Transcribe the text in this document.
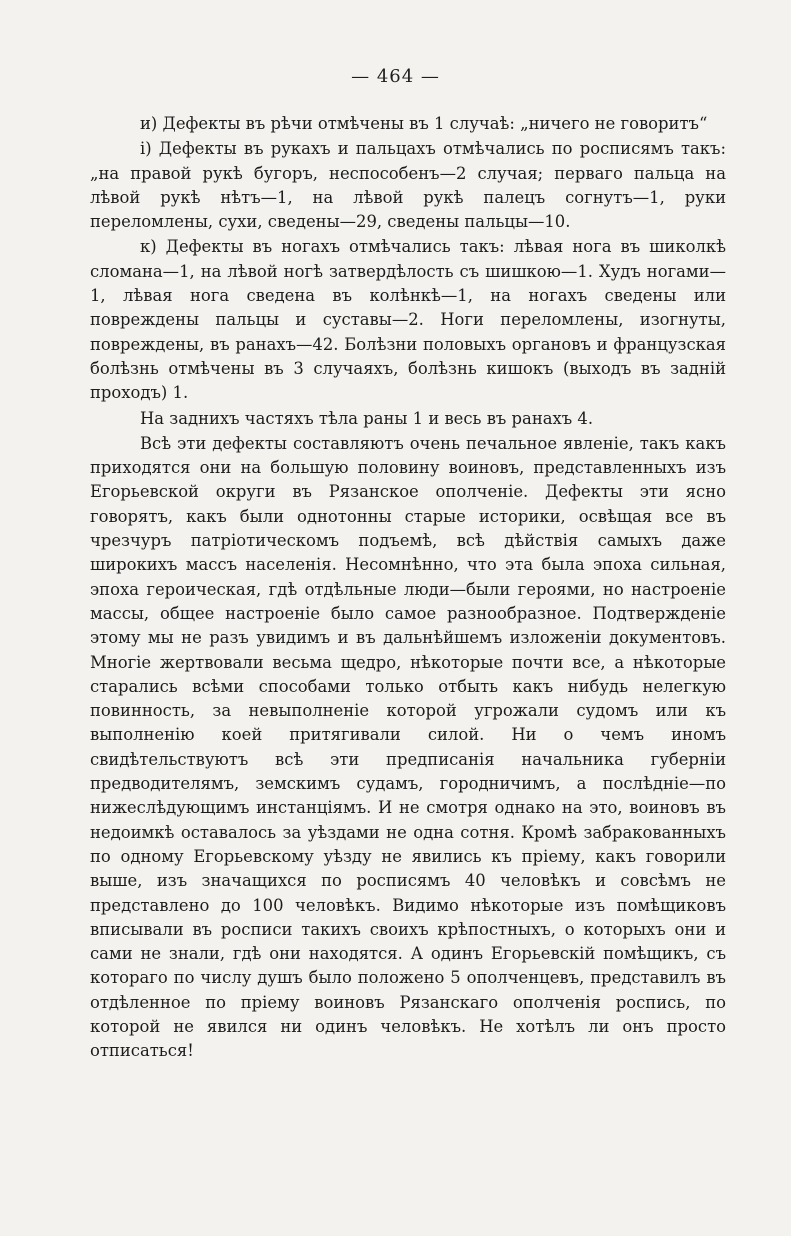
— 464 —

и) Дефекты въ рѣчи отмѣчены въ 1 случаѣ: „ничего не говоритъ“

і) Дефекты въ рукахъ и пальцахъ отмѣчались по росписямъ такъ: „на правой рукѣ бугоръ, неспособенъ—2 случая; перваго пальца на лѣвой рукѣ нѣтъ—1, на лѣвой рукѣ палецъ согнутъ—1, руки переломлены, сухи, сведены—29, сведены пальцы—10.

к) Дефекты въ ногахъ отмѣчались такъ: лѣвая нога въ шиколкѣ сломана—1, на лѣвой ногѣ затвердѣлость съ шишкою—1. Худъ ногами—1, лѣвая нога сведена въ колѣнкѣ—1, на ногахъ сведены или повреждены пальцы и суставы—2. Ноги переломлены, изогнуты, повреждены, въ ранахъ—42. Болѣзни половыхъ органовъ и французская болѣзнь отмѣчены въ 3 случаяхъ, болѣзнь кишокъ (выходъ въ заднiй проходъ) 1.

На заднихъ частяхъ тѣла раны 1 и весь въ ранахъ 4.

Всѣ эти дефекты составляютъ очень печальное явленіе, такъ какъ приходятся они на большую половину воиновъ, представленныхъ изъ Егорьевской округи въ Рязанское ополченіе. Дефекты эти ясно говорятъ, какъ были однотонны старые историки, освѣщая все въ чрезчуръ патріотическомъ подъемѣ, всѣ дѣйствія самыхъ даже широкихъ массъ населенія. Несомнѣнно, что эта была эпоха сильная, эпоха героическая, гдѣ отдѣльные люди—были героями, но настроеніе массы, общее настроеніе было самое разнообразное. Подтвержденіе этому мы не разъ увидимъ и въ дальнѣйшемъ изложеніи документовъ. Многіе жертвовали весьма щедро, нѣкоторые почти все, а нѣкоторые старались всѣми способами только отбыть какъ нибудь нелегкую повинность, за невыполненіе которой угрожали судомъ или къ выполненію коей притягивали силой. Ни о чемъ иномъ свидѣтельствуютъ всѣ эти предписанія начальника губерніи предводителямъ, земскимъ судамъ, городничимъ, а послѣдніе—по нижеслѣдующимъ инстанціямъ. И не смотря однако на это, воиновъ въ недоимкѣ оставалось за уѣздами не одна сотня. Кромѣ забракованныхъ по одному Егорьевскому уѣзду не явились къ пріему, какъ говорили выше, изъ значащихся по росписямъ 40 человѣкъ и совсѣмъ не представлено до 100 человѣкъ. Видимо нѣкоторые изъ помѣщиковъ вписывали въ росписи такихъ своихъ крѣпостныхъ, о которыхъ они и сами не знали, гдѣ они находятся. А одинъ Егорьевскій помѣщикъ, съ котораго по числу душъ было положено 5 ополченцевъ, представилъ въ отдѣленное по пріему воиновъ Рязанскаго ополченія роспись, по которой не явился ни одинъ человѣкъ. Не хотѣлъ ли онъ просто отписаться!
